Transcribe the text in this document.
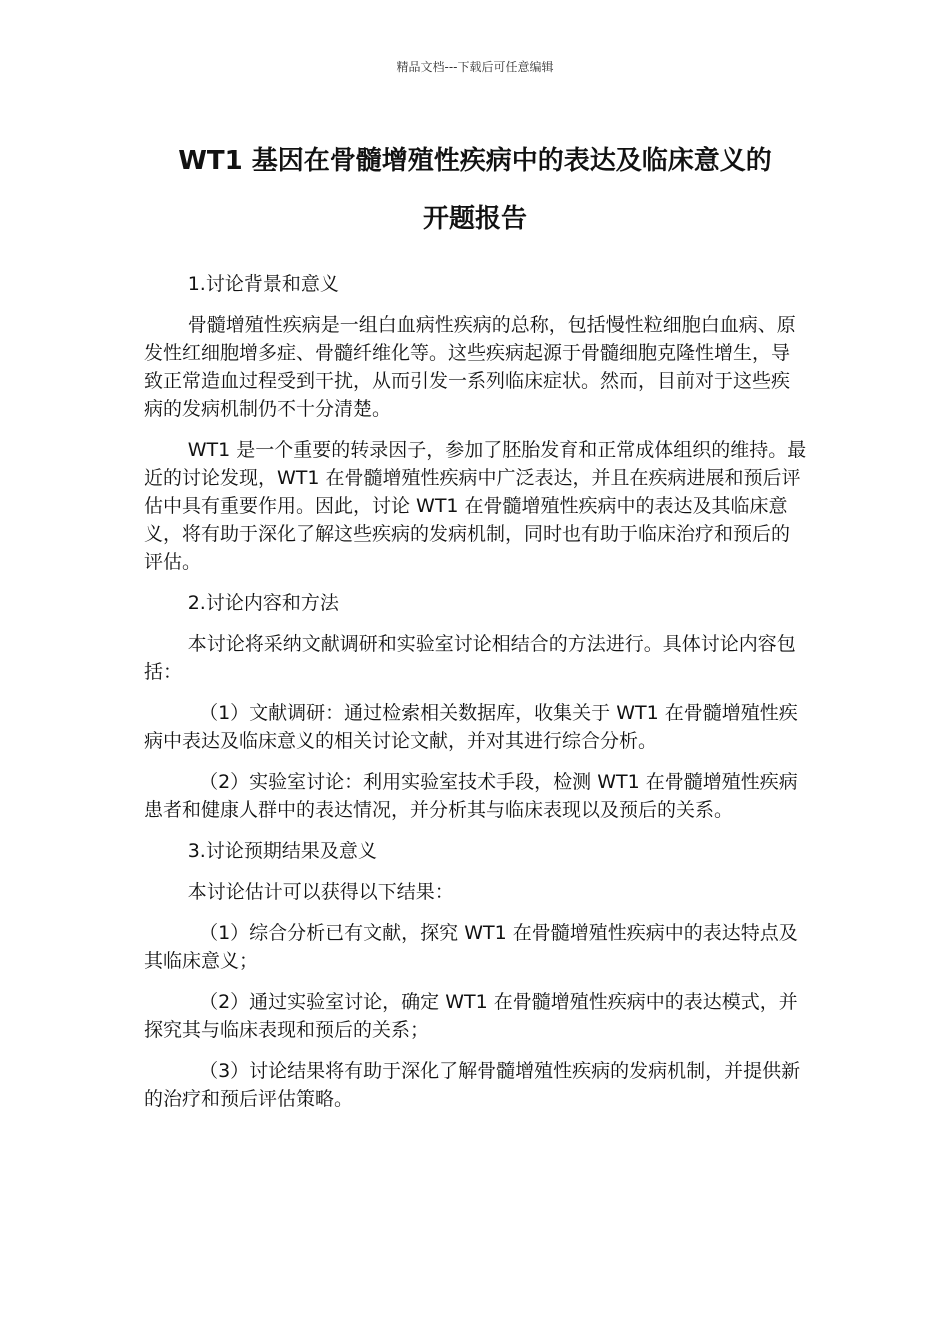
精品文档---下载后可任意编辑
WT1 基因在骨髓增殖性疾病中的表达及临床意义的
开题报告

1.讨论背景和意义

骨髓增殖性疾病是一组白血病性疾病的总称，包括慢性粒细胞白血病、原发性红细胞增多症、骨髓纤维化等。这些疾病起源于骨髓细胞克隆性增生，导致正常造血过程受到干扰，从而引发一系列临床症状。然而，目前对于这些疾病的发病机制仍不十分清楚。

WT1 是一个重要的转录因子，参加了胚胎发育和正常成体组织的维持。最近的讨论发现，WT1 在骨髓增殖性疾病中广泛表达，并且在疾病进展和预后评估中具有重要作用。因此，讨论 WT1 在骨髓增殖性疾病中的表达及其临床意义，将有助于深化了解这些疾病的发病机制，同时也有助于临床治疗和预后的评估。

2.讨论内容和方法

本讨论将采纳文献调研和实验室讨论相结合的方法进行。具体讨论内容包括：

（1）文献调研：通过检索相关数据库，收集关于 WT1 在骨髓增殖性疾病中表达及临床意义的相关讨论文献，并对其进行综合分析。

（2）实验室讨论：利用实验室技术手段，检测 WT1 在骨髓增殖性疾病患者和健康人群中的表达情况，并分析其与临床表现以及预后的关系。

3.讨论预期结果及意义

本讨论估计可以获得以下结果：

（1）综合分析已有文献，探究 WT1 在骨髓增殖性疾病中的表达特点及其临床意义；

（2）通过实验室讨论，确定 WT1 在骨髓增殖性疾病中的表达模式，并探究其与临床表现和预后的关系；

（3）讨论结果将有助于深化了解骨髓增殖性疾病的发病机制，并提供新的治疗和预后评估策略。
